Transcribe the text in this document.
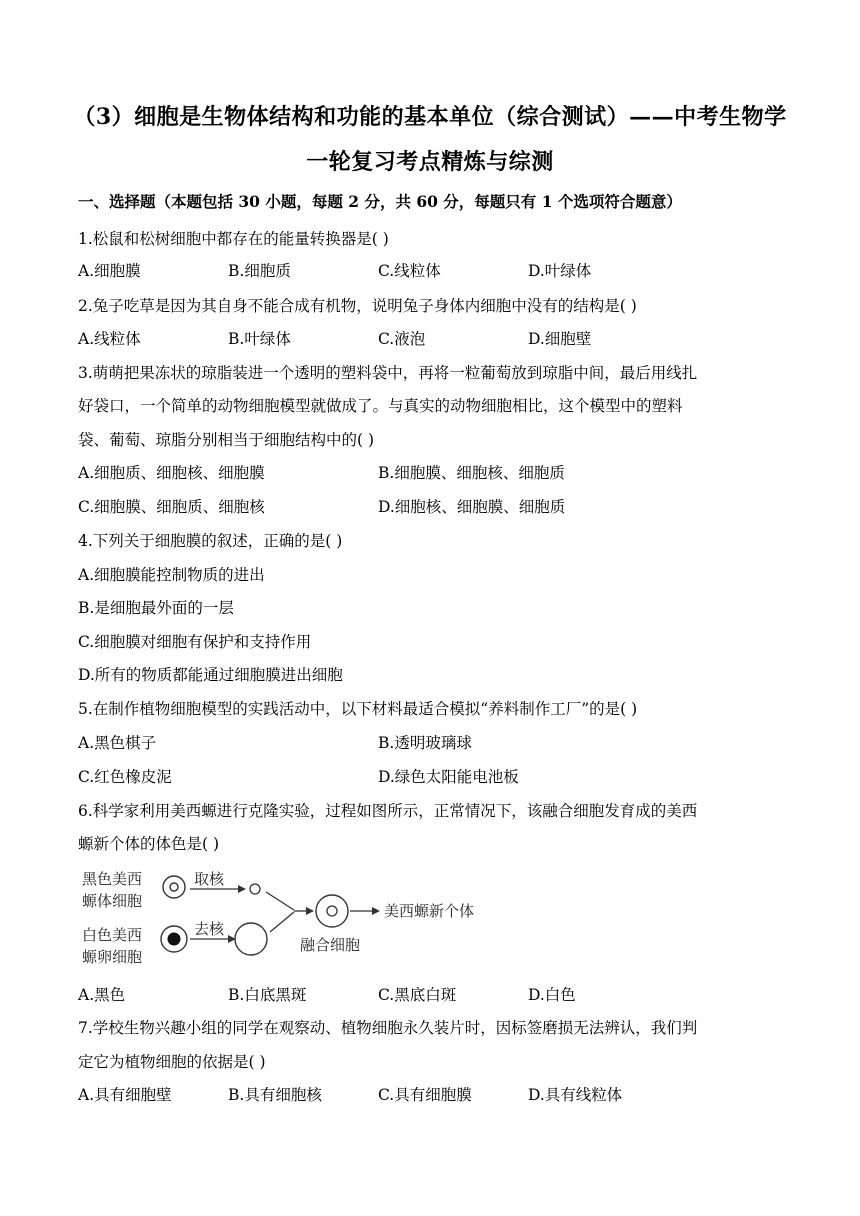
（3）细胞是生物体结构和功能的基本单位（综合测试）——中考生物学
一轮复习考点精炼与综测
一、选择题（本题包括 30 小题，每题 2 分，共 60 分，每题只有 1 个选项符合题意）
1.松鼠和松树细胞中都存在的能量转换器是( )
A.细胞膜	B.细胞质	C.线粒体	D.叶绿体
2.兔子吃草是因为其自身不能合成有机物，说明兔子身体内细胞中没有的结构是( )
A.线粒体	B.叶绿体	C.液泡	D.细胞壁
3.萌萌把果冻状的琼脂装进一个透明的塑料袋中，再将一粒葡萄放到琼脂中间，最后用线扎
好袋口，一个简单的动物细胞模型就做成了。与真实的动物细胞相比，这个模型中的塑料
袋、葡萄、琼脂分别相当于细胞结构中的( )
A.细胞质、细胞核、细胞膜	B.细胞膜、细胞核、细胞质
C.细胞膜、细胞质、细胞核	D.细胞核、细胞膜、细胞质
4.下列关于细胞膜的叙述，正确的是( )
A.细胞膜能控制物质的进出
B.是细胞最外面的一层
C.细胞膜对细胞有保护和支持作用
D.所有的物质都能通过细胞膜进出细胞
5.在制作植物细胞模型的实践活动中，以下材料最适合模拟“养料制作工厂”的是( )
A.黑色棋子	B.透明玻璃球
C.红色橡皮泥	D.绿色太阳能电池板
6.科学家利用美西螈进行克隆实验，过程如图所示，正常情况下，该融合细胞发育成的美西
螈新个体的体色是( )
黑色美西
螈体细胞
白色美西
螈卵细胞
取核
去核
融合细胞
美西螈新个体
A.黑色	B.白底黑斑	C.黑底白斑	D.白色
7.学校生物兴趣小组的同学在观察动、植物细胞永久装片时，因标签磨损无法辨认，我们判
定它为植物细胞的依据是( )
A.具有细胞壁	B.具有细胞核	C.具有细胞膜	D.具有线粒体
